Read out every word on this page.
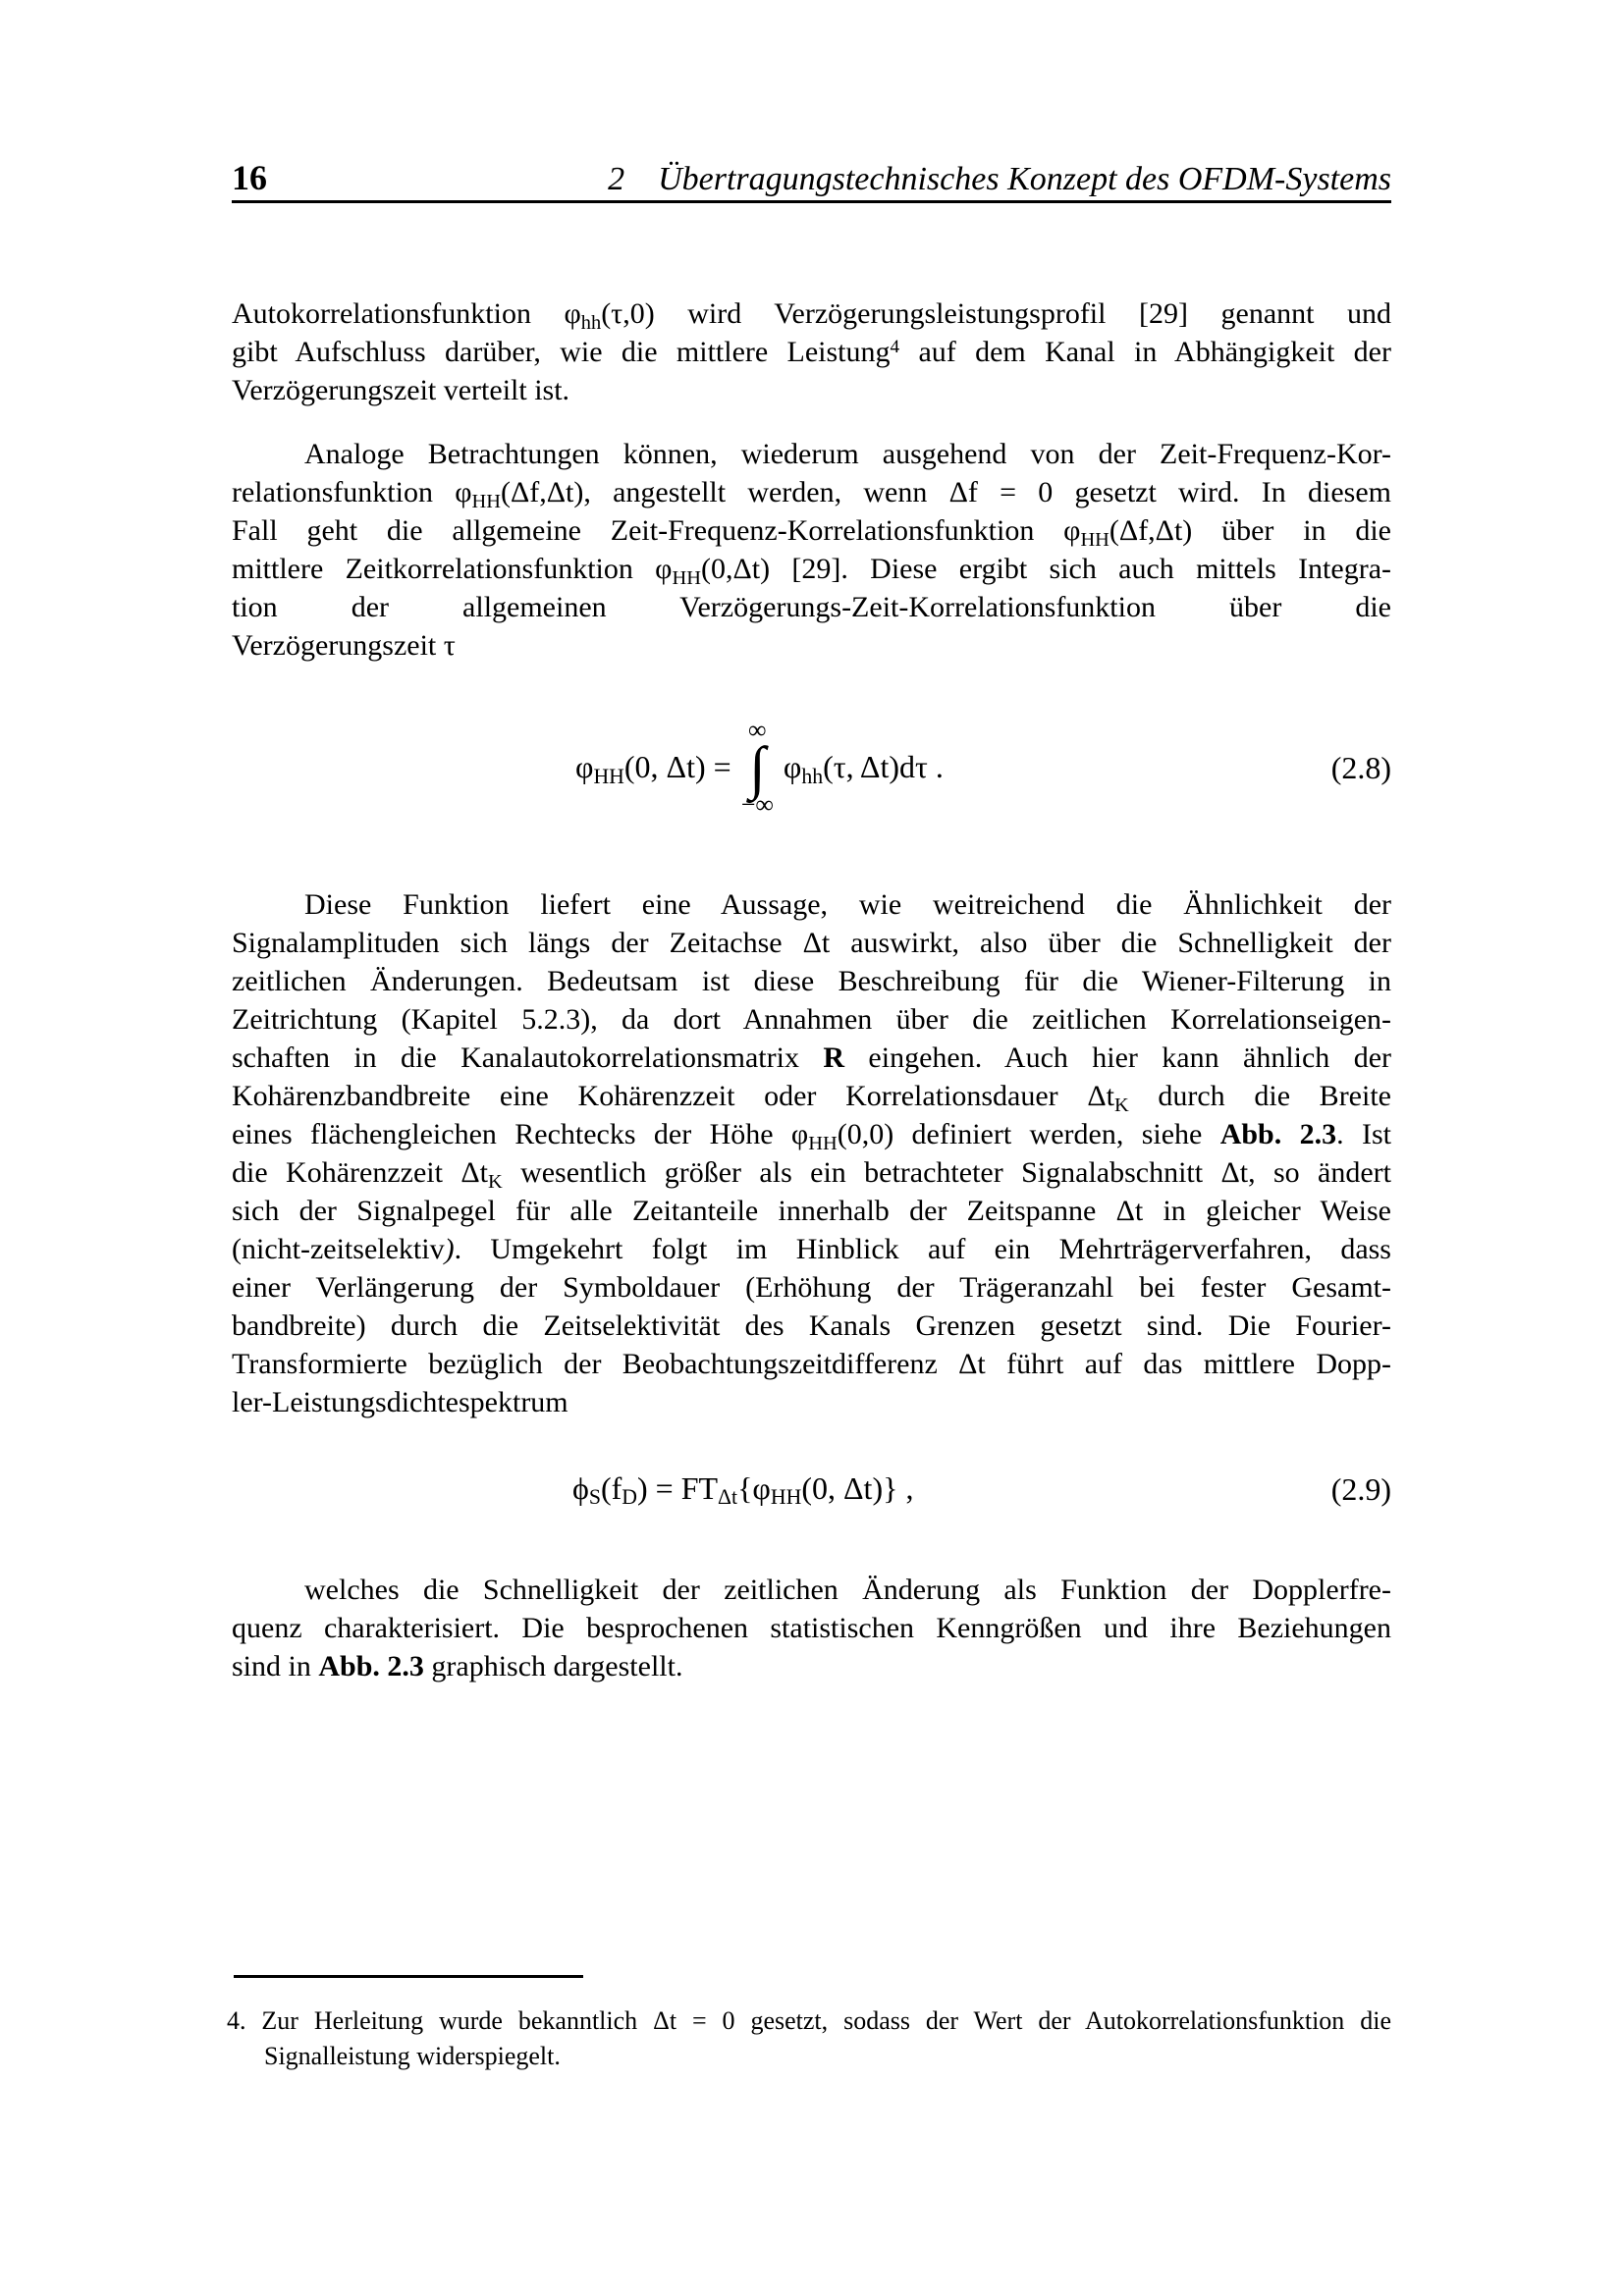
16	2 Übertragungstechnisches Konzept des OFDM-Systems
Autokorrelationsfunktion $\varphi_{hh}(\tau,0)$ wird Verzögerungsleistungsprofil [29] genannt und
gibt Aufschluss darüber, wie die mittlere Leistung$^4$ auf dem Kanal in Abhängigkeit der
Verzögerungszeit verteilt ist.
Analoge Betrachtungen können, wiederum ausgehend von der Zeit-Frequenz-Kor-
relationsfunktion $\varphi_{HH}(\Delta f,\Delta t)$, angestellt werden, wenn Δf = 0 gesetzt wird. In diesem
Fall geht die allgemeine Zeit-Frequenz-Korrelationsfunktion $\varphi_{HH}(\Delta f,\Delta t)$ über in die
mittlere Zeitkorrelationsfunktion $\varphi_{HH}(0,\Delta t)$ [29]. Diese ergibt sich auch mittels Integra-
tion der allgemeinen Verzögerungs-Zeit-Korrelationsfunktion über die
Verzögerungszeit τ
$\varphi_{HH}(0$, Δt) =
∞
∫
−∞
$\varphi_{hh}(\tau$, Δt)dτ .	(2.8)
Diese Funktion liefert eine Aussage, wie weitreichend die Ähnlichkeit der
Signalamplituden sich längs der Zeitachse Δt auswirkt, also über die Schnelligkeit der
zeitlichen Änderungen. Bedeutsam ist diese Beschreibung für die Wiener-Filterung in
Zeitrichtung (Kapitel 5.2.3), da dort Annahmen über die zeitlichen Korrelationseigen-
schaften in die Kanalautokorrelationsmatrix R eingehen. Auch hier kann ähnlich der
Kohärenzbandbreite eine Kohärenzzeit oder Korrelationsdauer $\Delta t_K$ durch die Breite
eines flächengleichen Rechtecks der Höhe $\varphi_{HH}(0,0)$ definiert werden, siehe Abb. 2.3. Ist
die Kohärenzzeit $\Delta t_K$ wesentlich größer als ein betrachteter Signalabschnitt Δt, so ändert
sich der Signalpegel für alle Zeitanteile innerhalb der Zeitspanne Δt in gleicher Weise
(nicht-zeitselektiv). Umgekehrt folgt im Hinblick auf ein Mehrträgerverfahren, dass
einer Verlängerung der Symboldauer (Erhöhung der Trägeranzahl bei fester Gesamt-
bandbreite) durch die Zeitselektivität des Kanals Grenzen gesetzt sind. Die Fourier-
Transformierte bezüglich der Beobachtungszeitdifferenz Δt führt auf das mittlere Dopp-
ler-Leistungsdichtespektrum
$\phi_S(f_D) = FT_{\Delta t}\{\varphi_{HH}(0$, Δt)} ,	(2.9)
welches die Schnelligkeit der zeitlichen Änderung als Funktion der Dopplerfre-
quenz charakterisiert. Die besprochenen statistischen Kenngrößen und ihre Beziehungen
sind in Abb. 2.3 graphisch dargestellt.
4. Zur Herleitung wurde bekanntlich Δt = 0 gesetzt, sodass der Wert der Autokorrelationsfunktion die
Signalleistung widerspiegelt.
